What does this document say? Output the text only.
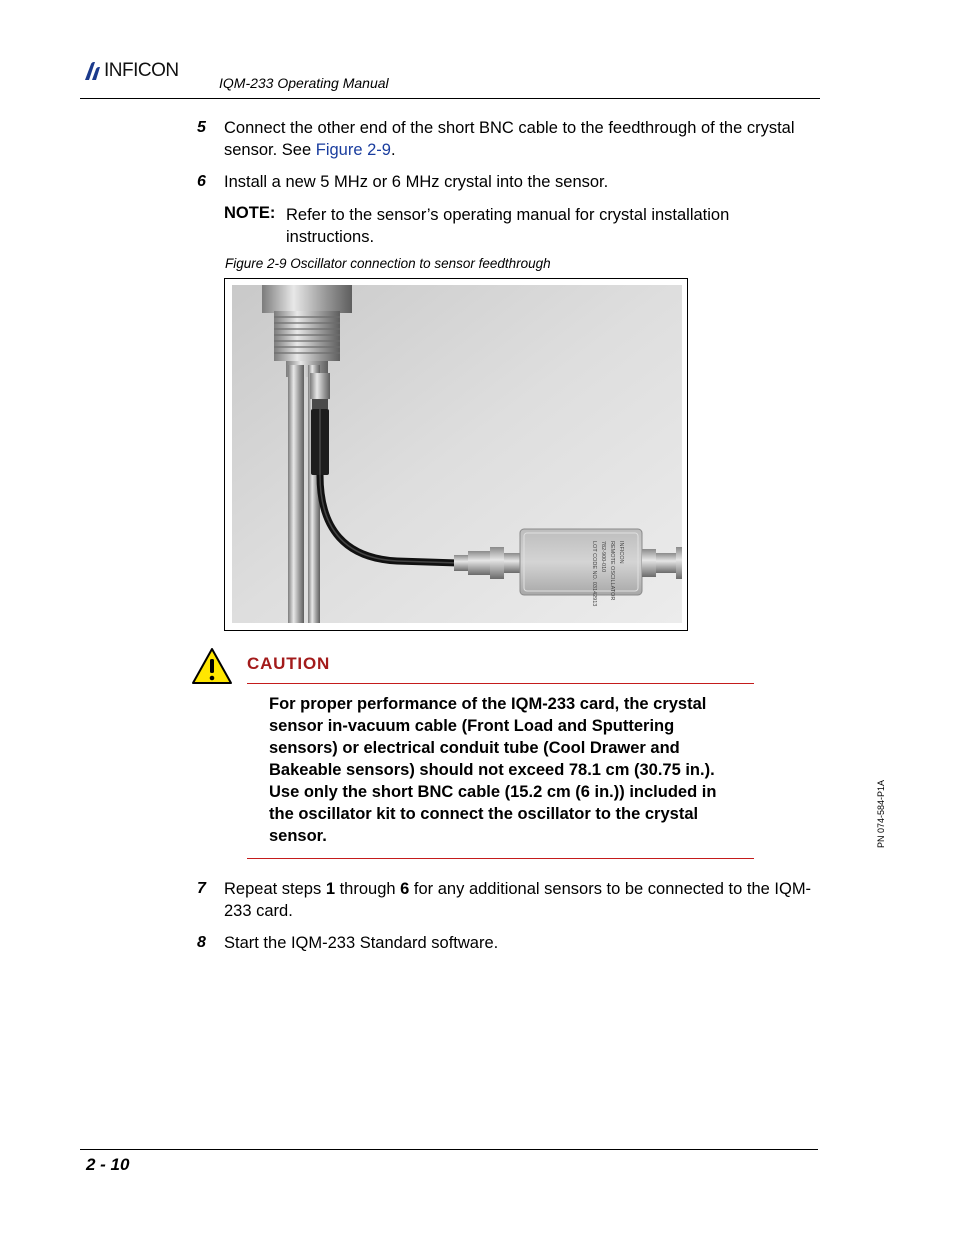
INFICON
IQM-233 Operating Manual
5 Connect the other end of the short BNC cable to the feedthrough of the crystal sensor. See Figure 2-9.
6 Install a new 5 MHz or 6 MHz crystal into the sensor.
NOTE: Refer to the sensor’s operating manual for crystal installation instructions.
Figure 2-9 Oscillator connection to sensor feedthrough
INFICON
REMOTE OSCILLATOR
782-900-010
LOT CODE NO. 03142913
CAUTION
For proper performance of the IQM-233 card, the crystal sensor in-vacuum cable (Front Load and Sputtering sensors) or electrical conduit tube (Cool Drawer and Bakeable sensors) should not exceed 78.1 cm (30.75 in.). Use only the short BNC cable (15.2 cm (6 in.)) included in the oscillator kit to connect the oscillator to the crystal sensor.
7 Repeat steps 1 through 6 for any additional sensors to be connected to the IQM-233 card.
8 Start the IQM-233 Standard software.
PN 074-584-P1A
2 - 10
